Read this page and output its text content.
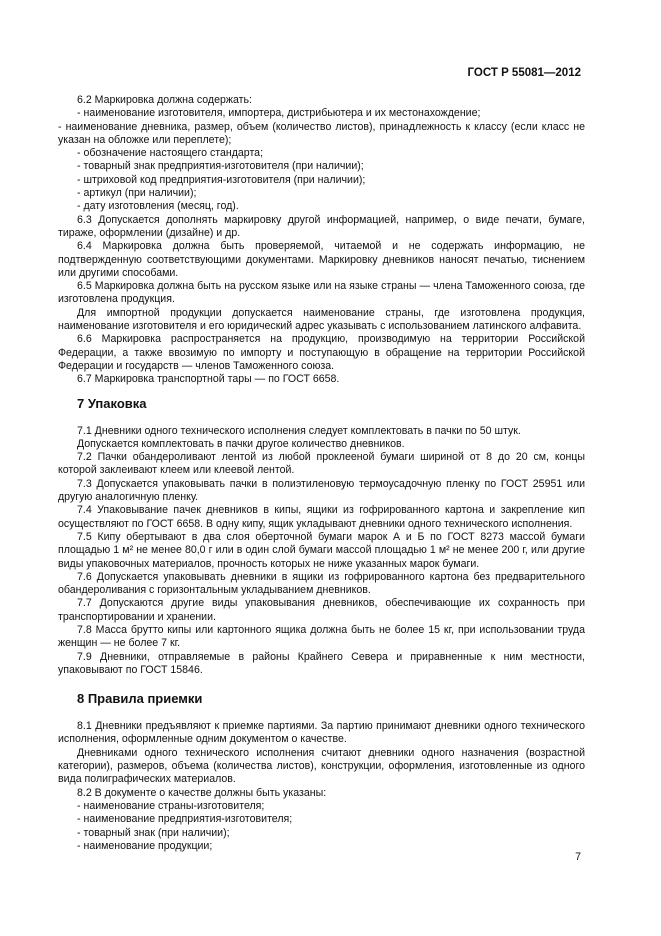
ГОСТ Р 55081—2012

6.2 Маркировка должна содержать:

- наименование изготовителя, импортера, дистрибьютера и их местонахождение;

- наименование дневника, размер, объем (количество листов), принадлежность к классу (если класс не указан на обложке или переплете);

- обозначение настоящего стандарта;

- товарный знак предприятия-изготовителя (при наличии);

- штриховой код предприятия-изготовителя (при наличии);

- артикул (при наличии);

- дату изготовления (месяц, год).

6.3 Допускается дополнять маркировку другой информацией, например, о виде печати, бумаге, тираже, оформлении (дизайне) и др.

6.4 Маркировка должна быть проверяемой, читаемой и не содержать информацию, не подтвержденную соответствующими документами. Маркировку дневников наносят печатью, тиснением или другими способами.

6.5 Маркировка должна быть на русском языке или на языке страны — члена Таможенного союза, где изготовлена продукция.

Для импортной продукции допускается наименование страны, где изготовлена продукция, наименование изготовителя и его юридический адрес указывать с использованием латинского алфавита.

6.6 Маркировка распространяется на продукцию, производимую на территории Российской Федерации, а также ввозимую по импорту и поступающую в обращение на территории Российской Федерации и государств — членов Таможенного союза.

6.7 Маркировка транспортной тары — по ГОСТ 6658.

7 Упаковка

7.1 Дневники одного технического исполнения следует комплектовать в пачки по 50 штук.

Допускается комплектовать в пачки другое количество дневников.

7.2 Пачки обандероливают лентой из любой проклееной бумаги шириной от 8 до 20 см, концы которой заклеивают клеем или клеевой лентой.

7.3 Допускается упаковывать пачки в полиэтиленовую термоусадочную пленку по ГОСТ 25951 или другую аналогичную пленку.

7.4 Упаковывание пачек дневников в кипы, ящики из гофрированного картона и закрепление кип осуществляют по ГОСТ 6658. В одну кипу, ящик укладывают дневники одного технического исполнения.

7.5 Кипу обертывают в два слоя оберточной бумаги марок А и Б по ГОСТ 8273 массой бумаги площадью 1 м² не менее 80,0 г или в один слой бумаги массой площадью 1 м² не менее 200 г, или другие виды упаковочных материалов, прочность которых не ниже указанных марок бумаги.

7.6 Допускается упаковывать дневники в ящики из гофрированного картона без предварительного обандероливания с горизонтальным укладыванием дневников.

7.7 Допускаются другие виды упаковывания дневников, обеспечивающие их сохранность при транспортировании и хранении.

7.8 Масса брутто кипы или картонного ящика должна быть не более 15 кг, при использовании труда женщин — не более 7 кг.

7.9 Дневники, отправляемые в районы Крайнего Севера и приравненные к ним местности, упаковывают по ГОСТ 15846.

8 Правила приемки

8.1 Дневники предъявляют к приемке партиями. За партию принимают дневники одного технического исполнения, оформленные одним документом о качестве.

Дневниками одного технического исполнения считают дневники одного назначения (возрастной категории), размеров, объема (количества листов), конструкции, оформления, изготовленные из одного вида полиграфических материалов.

8.2 В документе о качестве должны быть указаны:

- наименование страны-изготовителя;

- наименование предприятия-изготовителя;

- товарный знак (при наличии);

- наименование продукции;

7
